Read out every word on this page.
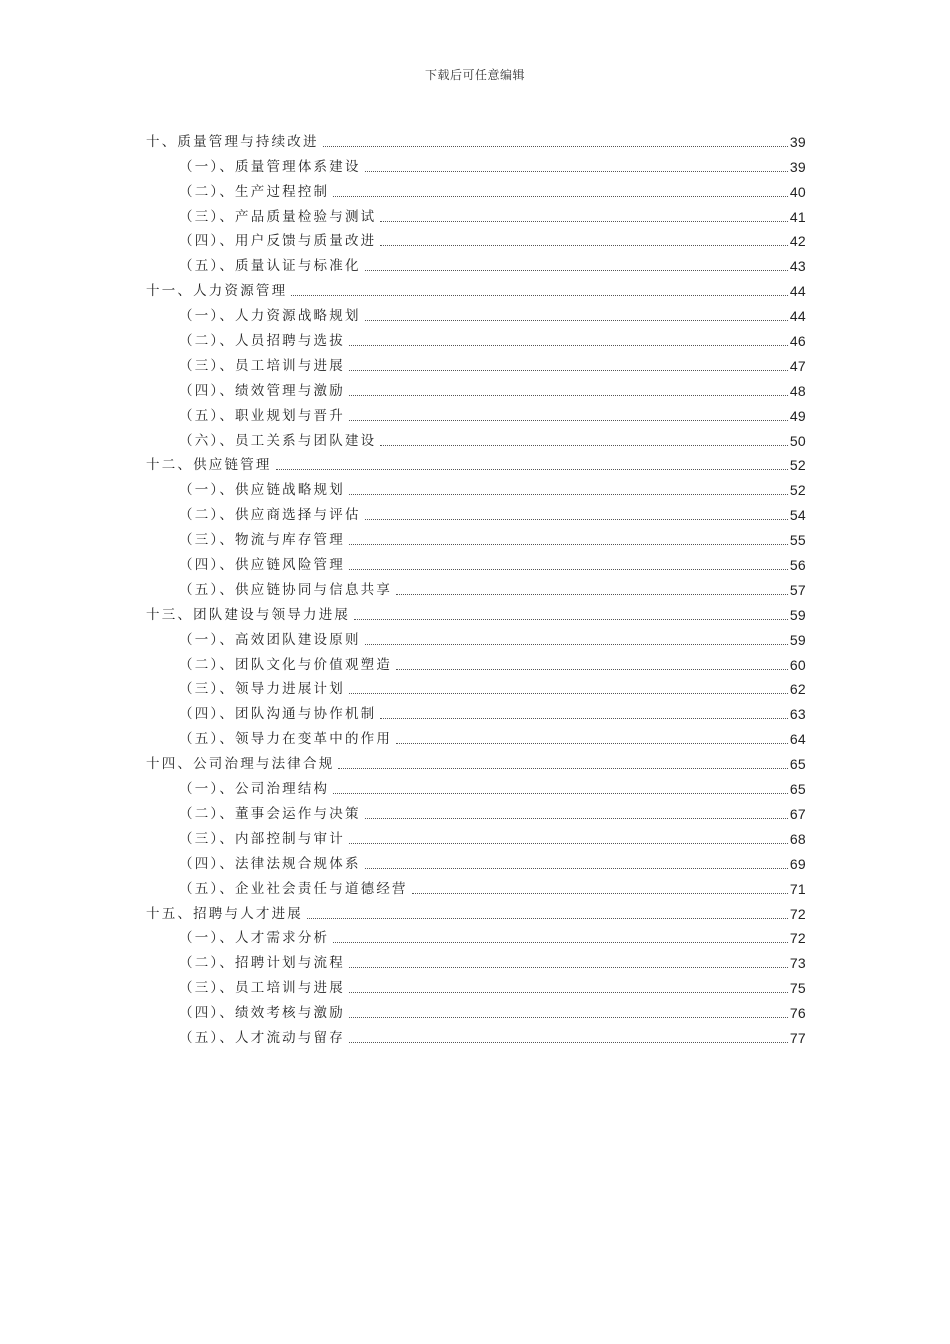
下载后可任意编辑
十、质量管理与持续改进	39
（一）、质量管理体系建设	39
（二）、生产过程控制	40
（三）、产品质量检验与测试	41
（四）、用户反馈与质量改进	42
（五）、质量认证与标准化	43
十一、人力资源管理	44
（一）、人力资源战略规划	44
（二）、人员招聘与选拔	46
（三）、员工培训与进展	47
（四）、绩效管理与激励	48
（五）、职业规划与晋升	49
（六）、员工关系与团队建设	50
十二、供应链管理	52
（一）、供应链战略规划	52
（二）、供应商选择与评估	54
（三）、物流与库存管理	55
（四）、供应链风险管理	56
（五）、供应链协同与信息共享	57
十三、团队建设与领导力进展	59
（一）、高效团队建设原则	59
（二）、团队文化与价值观塑造	60
（三）、领导力进展计划	62
（四）、团队沟通与协作机制	63
（五）、领导力在变革中的作用	64
十四、公司治理与法律合规	65
（一）、公司治理结构	65
（二）、董事会运作与决策	67
（三）、内部控制与审计	68
（四）、法律法规合规体系	69
（五）、企业社会责任与道德经营	71
十五、招聘与人才进展	72
（一）、人才需求分析	72
（二）、招聘计划与流程	73
（三）、员工培训与进展	75
（四）、绩效考核与激励	76
（五）、人才流动与留存	77
